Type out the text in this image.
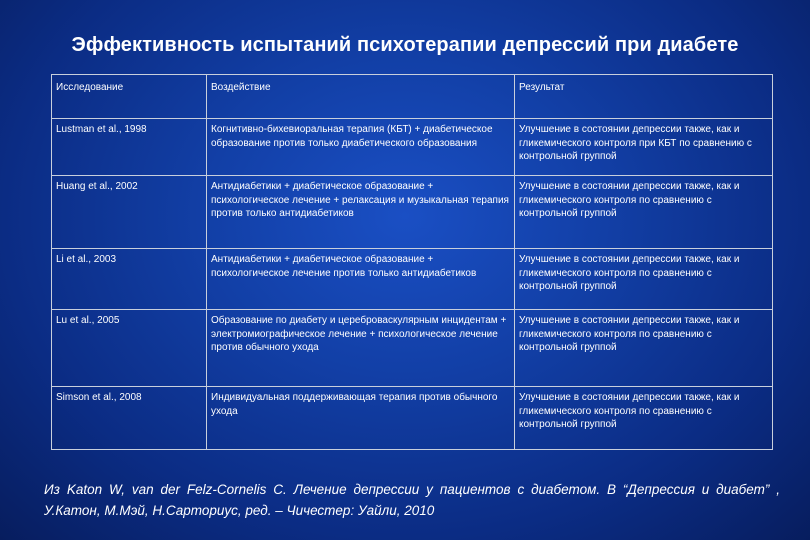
Эффективность испытаний психотерапии депрессий при диабете
Исследование	Воздействие	Результат
Lustman et al., 1998	Когнитивно-бихевиоральная терапия (КБТ) + диабетическое образование против только диабетического образования	Улучшение в состоянии депрессии также, как и гликемического контроля при КБТ по сравнению с контрольной группой
Huang et al., 2002	Антидиабетики + диабетическое образование + психологическое лечение + релаксация и музыкальная терапия против только антидиабетиков	Улучшение в состоянии депрессии также, как и гликемического контроля по сравнению с контрольной группой
Li et al., 2003	Антидиабетики + диабетическое образование + психологическое лечение против только антидиабетиков	Улучшение в состоянии депрессии также, как и гликемического контроля по сравнению с контрольной группой
Lu et al., 2005	Образование по диабету и цереброваскулярным инцидентам + электромиографическое лечение + психологическое лечение против обычного ухода	Улучшение в состоянии депрессии также, как и гликемического контроля по сравнению с контрольной группой
Simson et al., 2008	Индивидуальная поддерживающая терапия против обычного ухода	Улучшение в состоянии депрессии также, как и гликемического контроля по сравнению с контрольной группой
Из Katon W, van der Felz-Cornelis C. Лечение депрессии у пациентов с диабетом. В “Депрессия и диабет” , У.Катон, М.Мэй, Н.Сарториус, ред. – Чичестер: Уайли, 2010
